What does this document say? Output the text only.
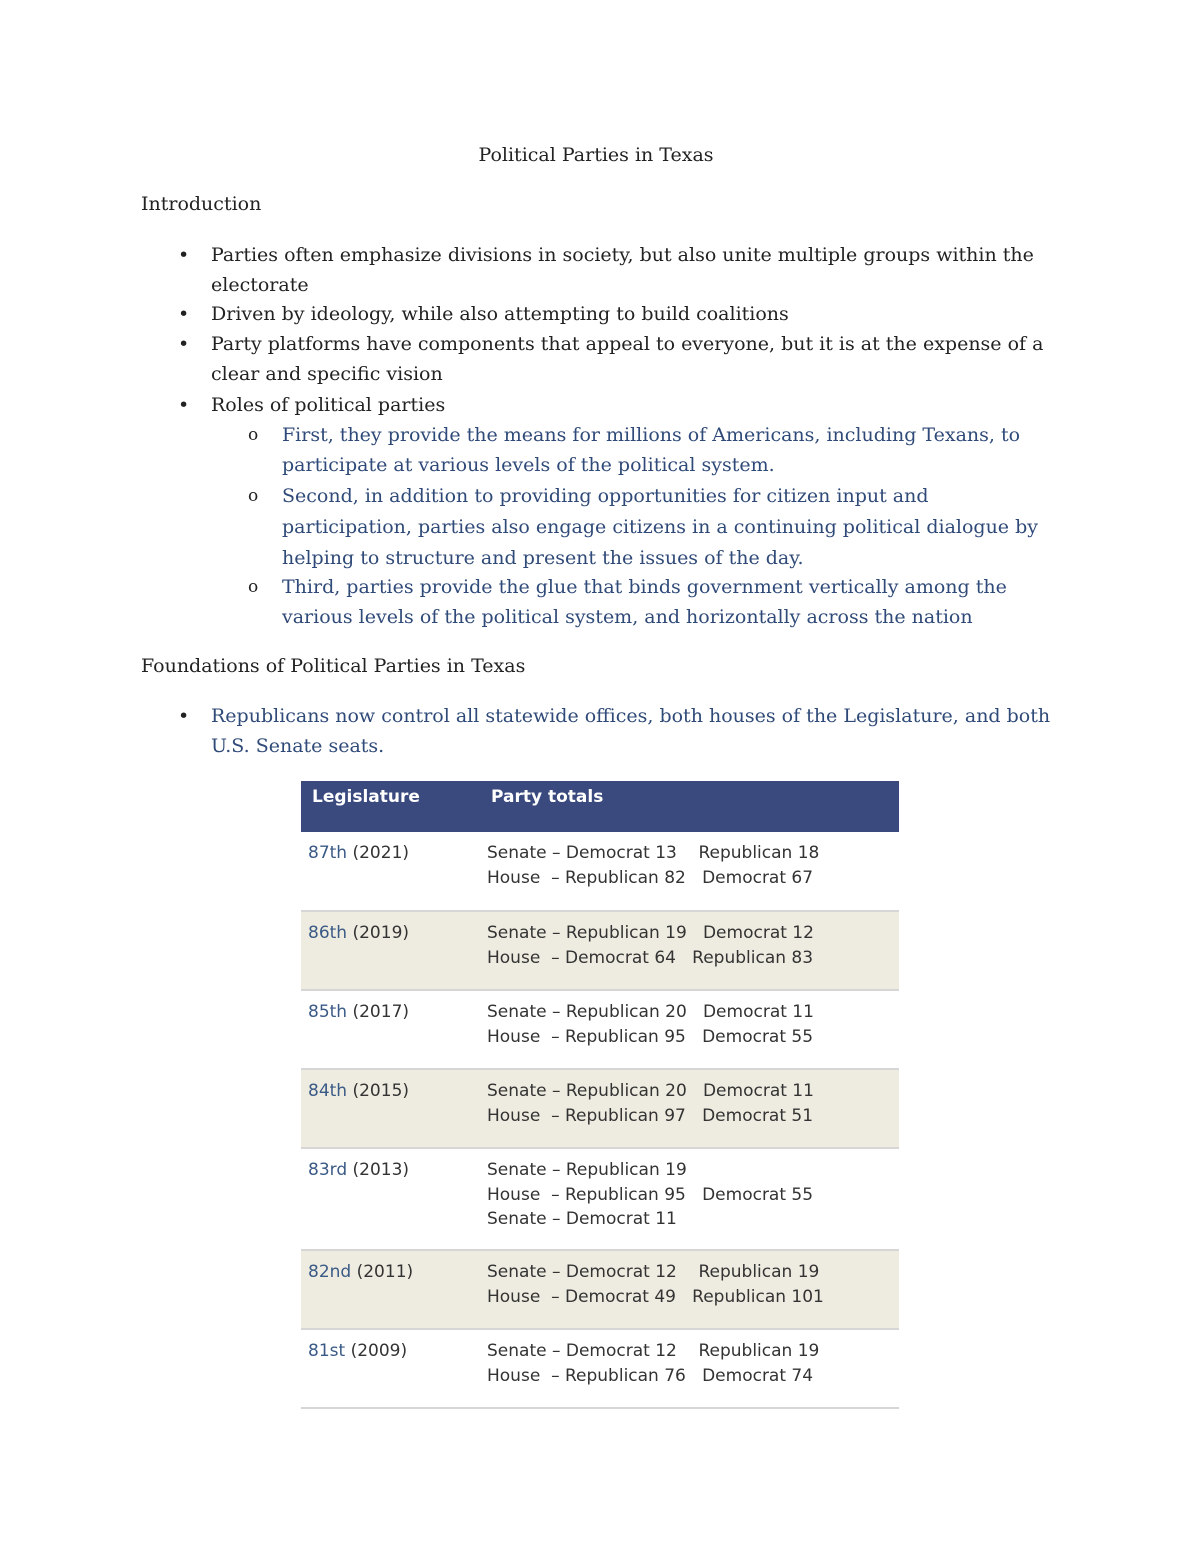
Political Parties in Texas
Introduction
• Parties often emphasize divisions in society, but also unite multiple groups within the electorate
• Driven by ideology, while also attempting to build coalitions
• Party platforms have components that appeal to everyone, but it is at the expense of a clear and specific vision
• Roles of political parties
o First, they provide the means for millions of Americans, including Texans, to participate at various levels of the political system.
o Second, in addition to providing opportunities for citizen input and participation, parties also engage citizens in a continuing political dialogue by helping to structure and present the issues of the day.
o Third, parties provide the glue that binds government vertically among the various levels of the political system, and horizontally across the nation
Foundations of Political Parties in Texas
• Republicans now control all statewide offices, both houses of the Legislature, and both U.S. Senate seats.
Legislature	Party totals
87th (2021)	Senate – Democrat 13    Republican 18
House  – Republican 82   Democrat 67
86th (2019)	Senate – Republican 19   Democrat 12
House  – Democrat 64   Republican 83
85th (2017)	Senate – Republican 20   Democrat 11
House  – Republican 95   Democrat 55
84th (2015)	Senate – Republican 20   Democrat 11
House  – Republican 97   Democrat 51
83rd (2013)	Senate – Republican 19
House  – Republican 95   Democrat 55
Senate – Democrat 11
82nd (2011)	Senate – Democrat 12    Republican 19
House  – Democrat 49   Republican 101
81st (2009)	Senate – Democrat 12    Republican 19
House  – Republican 76   Democrat 74
